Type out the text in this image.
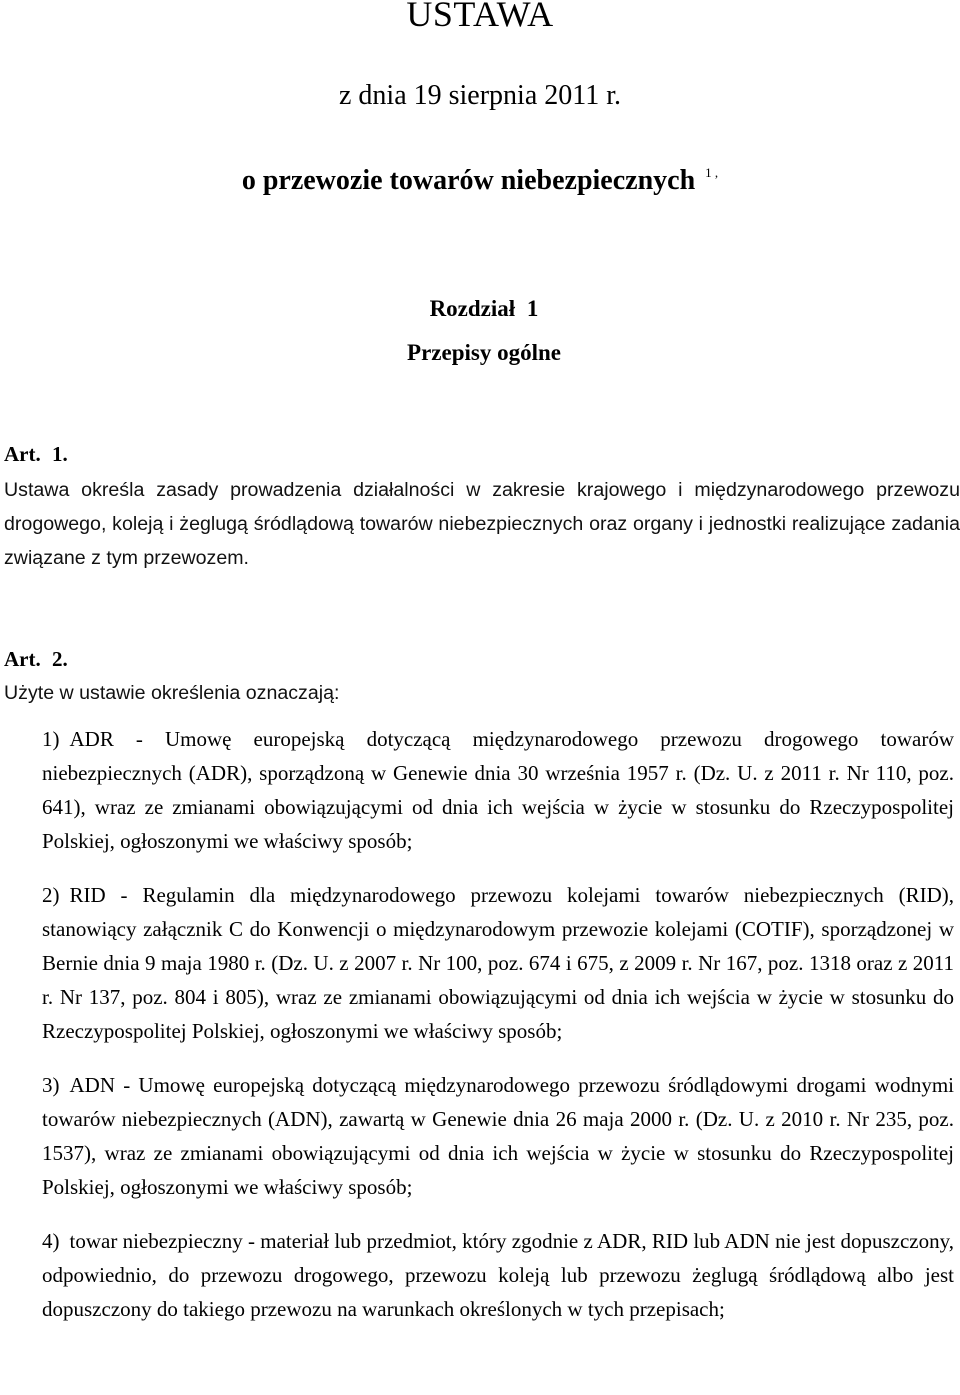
USTAWA
z dnia 19 sierpnia 2011 r.
o przewozie towarów niebezpiecznych $^{1 ,}$
Rozdział 1
Przepisy ogólne
Art. 1.
Ustawa określa zasady prowadzenia działalności w zakresie krajowego i międzynarodowego przewozu drogowego, koleją i żeglugą śródlądową towarów niebezpiecznych oraz organy i jednostki realizujące zadania związane z tym przewozem.
Art. 2.
Użyte w ustawie określenia oznaczają:

1) ADR - Umowę europejską dotyczącą międzynarodowego przewozu drogowego towarów niebezpiecznych (ADR), sporządzoną w Genewie dnia 30 września 1957 r. (Dz. U. z 2011 r. Nr 110, poz. 641), wraz ze zmianami obowiązującymi od dnia ich wejścia w życie w stosunku do Rzeczypospolitej Polskiej, ogłoszonymi we właściwy sposób;

2) RID - Regulamin dla międzynarodowego przewozu kolejami towarów niebezpiecznych (RID), stanowiący załącznik C do Konwencji o międzynarodowym przewozie kolejami (COTIF), sporządzonej w Bernie dnia 9 maja 1980 r. (Dz. U. z 2007 r. Nr 100, poz. 674 i 675, z 2009 r. Nr 167, poz. 1318 oraz z 2011 r. Nr 137, poz. 804 i 805), wraz ze zmianami obowiązującymi od dnia ich wejścia w życie w stosunku do Rzeczypospolitej Polskiej, ogłoszonymi we właściwy sposób;

3) ADN - Umowę europejską dotyczącą międzynarodowego przewozu śródlądowymi drogami wodnymi towarów niebezpiecznych (ADN), zawartą w Genewie dnia 26 maja 2000 r. (Dz. U. z 2010 r. Nr 235, poz. 1537), wraz ze zmianami obowiązującymi od dnia ich wejścia w życie w stosunku do Rzeczypospolitej Polskiej, ogłoszonymi we właściwy sposób;

4) towar niebezpieczny - materiał lub przedmiot, który zgodnie z ADR, RID lub ADN nie jest dopuszczony, odpowiednio, do przewozu drogowego, przewozu koleją lub przewozu żeglugą śródlądową albo jest dopuszczony do takiego przewozu na warunkach określonych w tych przepisach;
